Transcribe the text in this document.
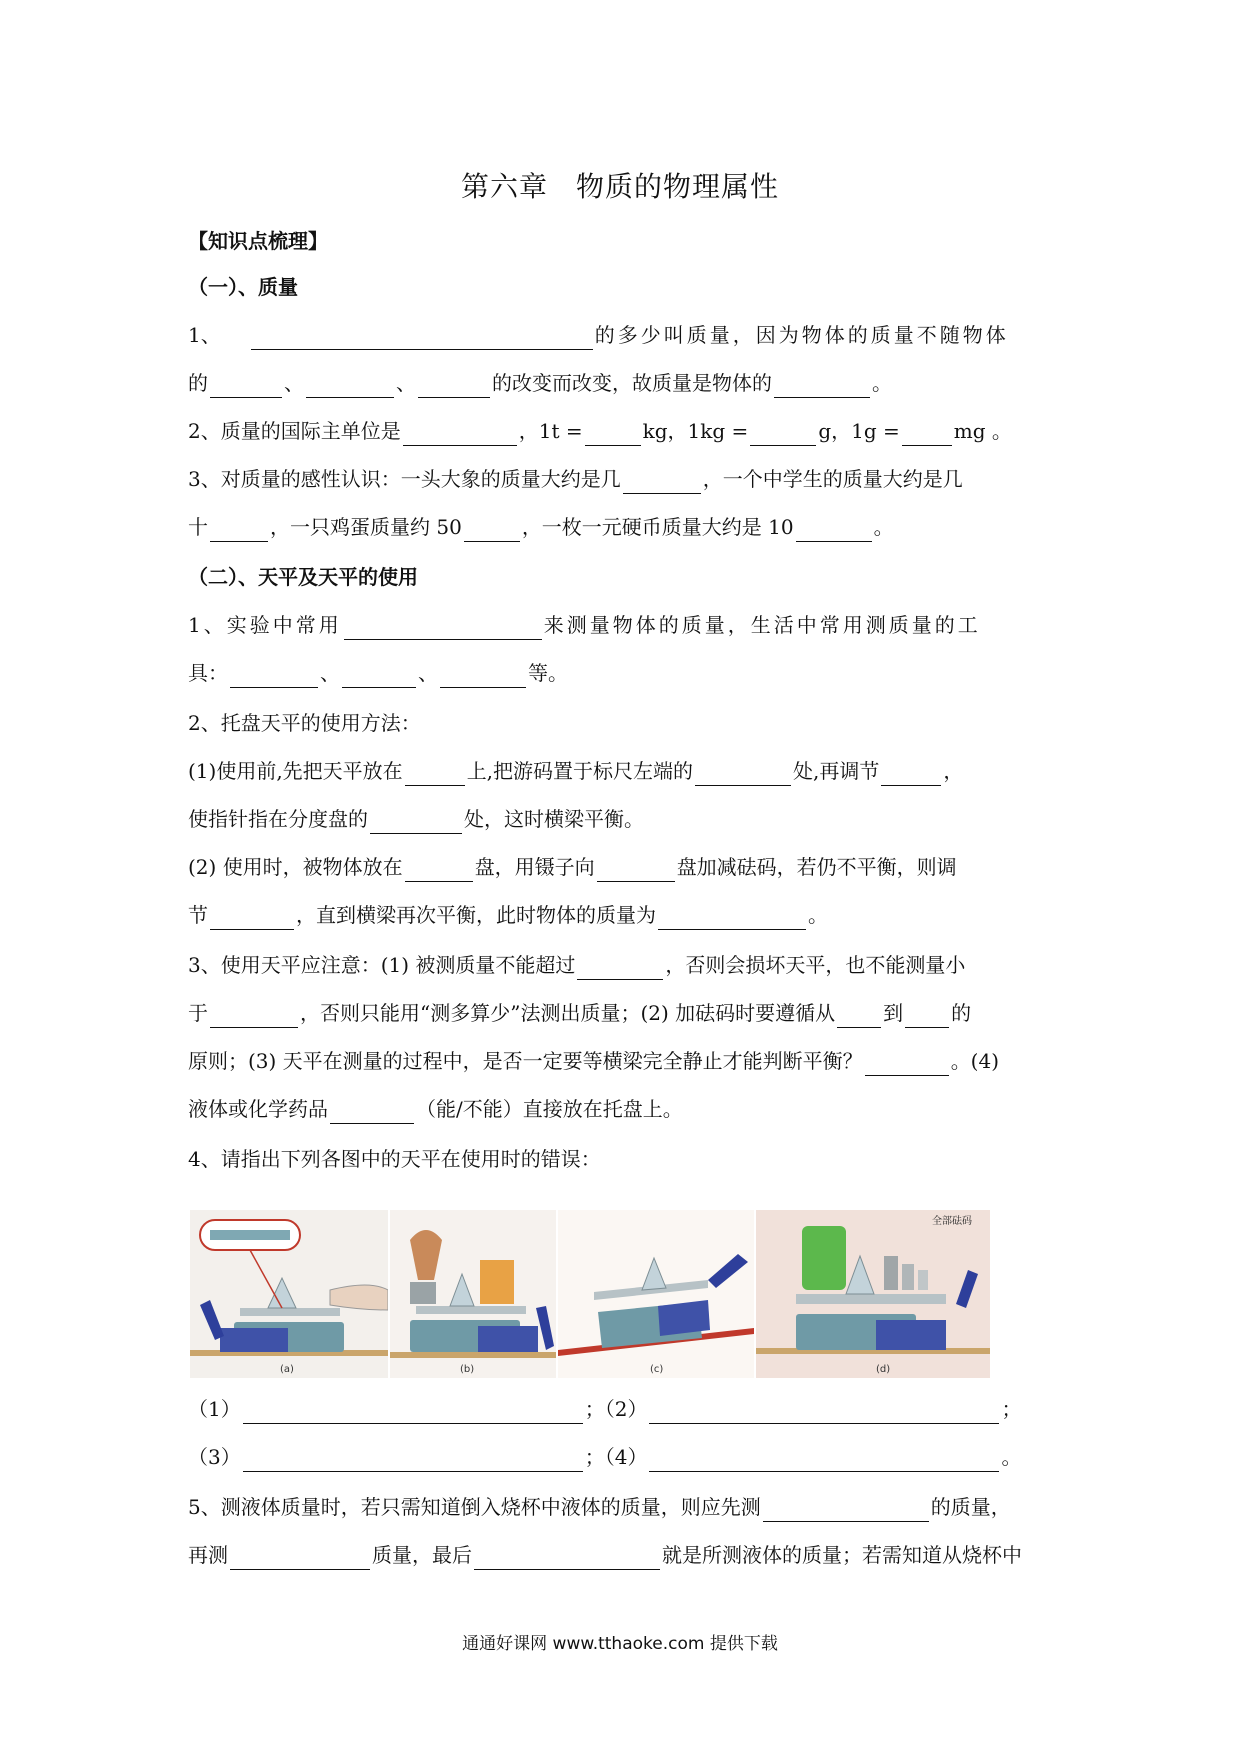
第六章 物质的物理属性
【知识点梳理】
（一）、质量
1、	的多少叫质量，因为物体的质量不随物体
的	、	、	的改变而改变，故质量是物体的	。
2、质量的国际主单位是	，1t =	kg，1kg =	g，1g =	mg 。
3、对质量的感性认识：一头大象的质量大约是几	，一个中学生的质量大约是几
十	，一只鸡蛋质量约 50	，一枚一元硬币质量大约是 10	。
（二）、天平及天平的使用
1、实验中常用	来测量物体的质量，生活中常用测质量的工
具：	、	、	等。
2、托盘天平的使用方法：
(1)使用前,先把天平放在	上,把游码置于标尺左端的	处,再调节	，
使指针指在分度盘的	处，这时横梁平衡。
(2) 使用时，被物体放在	盘，用镊子向	盘加减砝码，若仍不平衡，则调
节	，直到横梁再次平衡，此时物体的质量为	。
3、使用天平应注意：(1) 被测质量不能超过	，否则会损坏天平，也不能测量小
于	，否则只能用“测多算少”法测出质量；(2) 加砝码时要遵循从 到 的
原则；(3) 天平在测量的过程中，是否一定要等横梁完全静止才能判断平衡？	。(4)
液体或化学药品	（能/不能）直接放在托盘上。
4、请指出下列各图中的天平在使用时的错误：
(a)	(b)	(c)
全部砝码
(d)
（1）	；（2）	；
（3）	；（4）	。
5、测液体质量时，若只需知道倒入烧杯中液体的质量，则应先测	的质量，
再测	质量，最后	就是所测液体的质量；若需知道从烧杯中
通通好课网 www.tthaoke.com 提供下载
